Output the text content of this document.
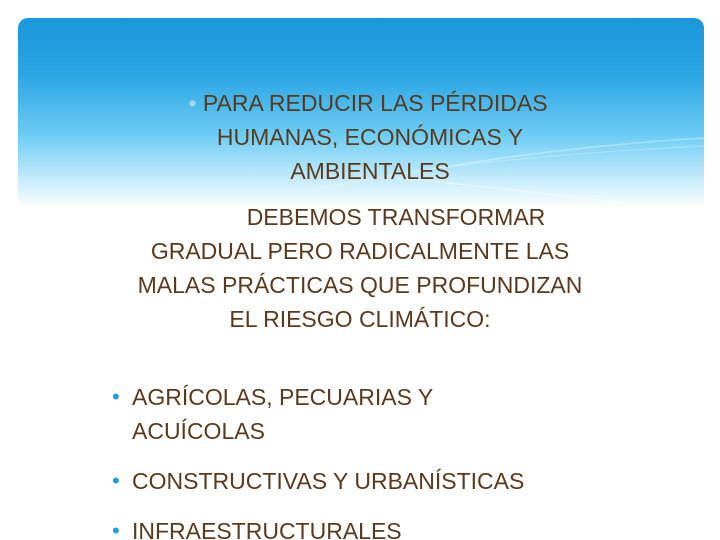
• PARA REDUCIR LAS PÉRDIDAS
HUMANAS, ECONÓMICAS Y
AMBIENTALES
DEBEMOS TRANSFORMAR
GRADUAL PERO RADICALMENTE LAS
MALAS PRÁCTICAS QUE PROFUNDIZAN
EL RIESGO CLIMÁTICO:
• AGRÍCOLAS, PECUARIAS Y
ACUÍCOLAS
• CONSTRUCTIVAS Y URBANÍSTICAS
• INFRAESTRUCTURALES
